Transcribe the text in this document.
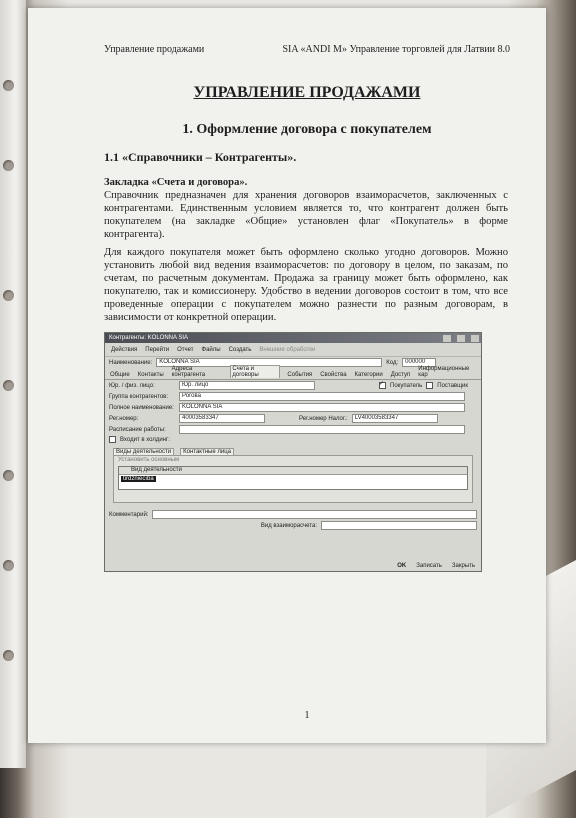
Управление продажами	SIA «ANDI M» Управление торговлей для Латвии 8.0
УПРАВЛЕНИЕ ПРОДАЖАМИ
1. Оформление договора с покупателем
1.1 «Справочники – Контрагенты».
Закладка «Счета и договора».
Справочник предназначен для хранения договоров взаиморасчетов, заключенных с контрагентами. Единственным условием является то, что контрагент должен быть покупателем (на закладке «Общие» установлен флаг «Покупатель» в форме контрагента).
Для каждого покупателя может быть оформлено сколько угодно договоров. Можно установить любой вид ведения взаиморасчетов: по договору в целом, по заказам, по счетам, по расчетным документам. Продажа за границу может быть оформлено, как покупателю, так и комиссионеру. Удобство в ведении договоров состоит в том, что все проведенные операции с покупателем можно разнести по разным договорам, в зависимости от конкретной операции.
Контрагенты: KOLONNA SIA
Действия	Перейти	Отчет	Файлы	Создать	Внешние обработки
Наименование:	KOLONNA SIA	Код:	000000
Общие Контакты
Адреса контрагента
Счета и договоры	События Свойства Категории Доступ
Информационные кар
Юр. / физ. лицо:	Юр. лицо
✓	Покупатель	Поставщик
Группа контрагентов:	Рогова
Полное наименование:	KOLONNA SIA
Рег.номер:	40003583347	Рег.номер Налог.:	LV40003583347
Расписание работы:
Входит в холдинг:
Виды деятельности	Контактные лица
Установить основным
Вид деятельности
tirdzniecība
Комментарий:
Вид взаиморасчета:
OK Записать Закрыть
1
